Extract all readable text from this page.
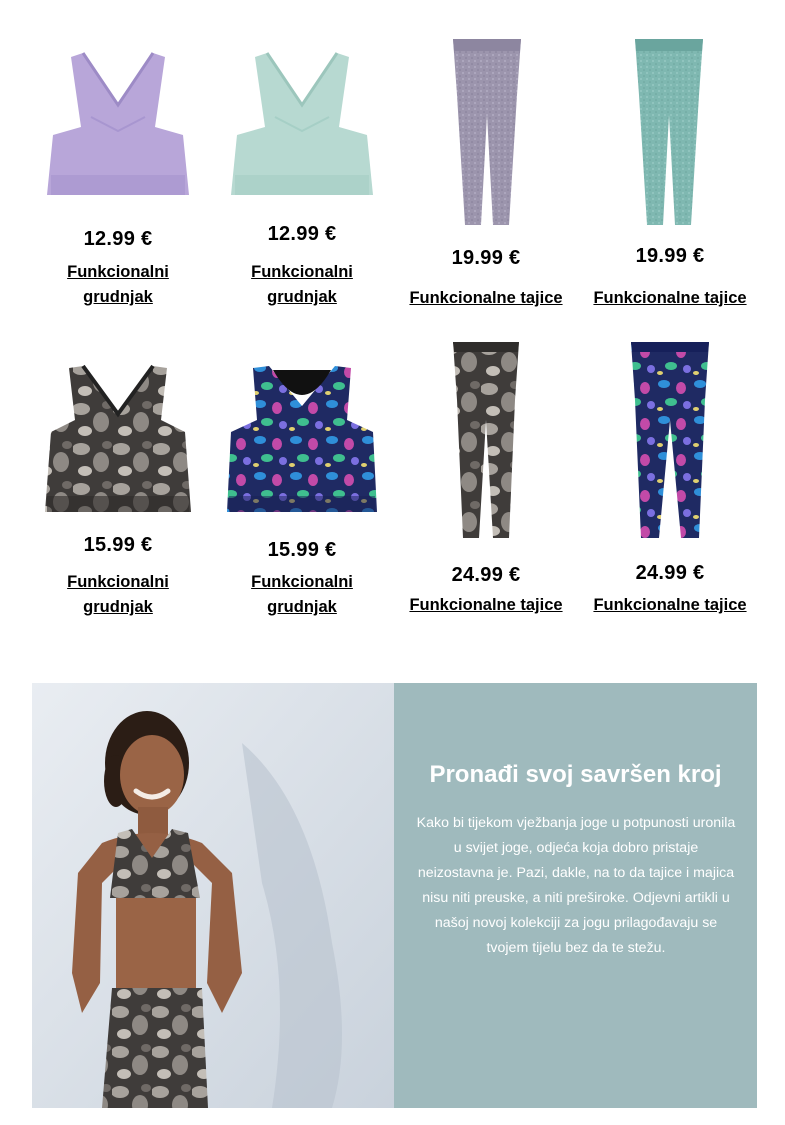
12.99 €
Funkcionalni grudnjak
12.99 €
Funkcionalni grudnjak
19.99 €
Funkcionalne tajice
19.99 €
Funkcionalne tajice
15.99 €
Funkcionalni grudnjak
15.99 €
Funkcionalni grudnjak
24.99 €
Funkcionalne tajice
24.99 €
Funkcionalne tajice
Pronađi svoj savršen kroj
Kako bi tijekom vježbanja joge u potpunosti uronila u svijet joge, odjeća koja dobro pristaje neizostavna je. Pazi, dakle, na to da tajice i majica nisu niti preuske, a niti preširoke. Odjevni artikli u našoj novoj kolekciji za jogu prilagođavaju se tvojem tijelu bez da te stežu.
